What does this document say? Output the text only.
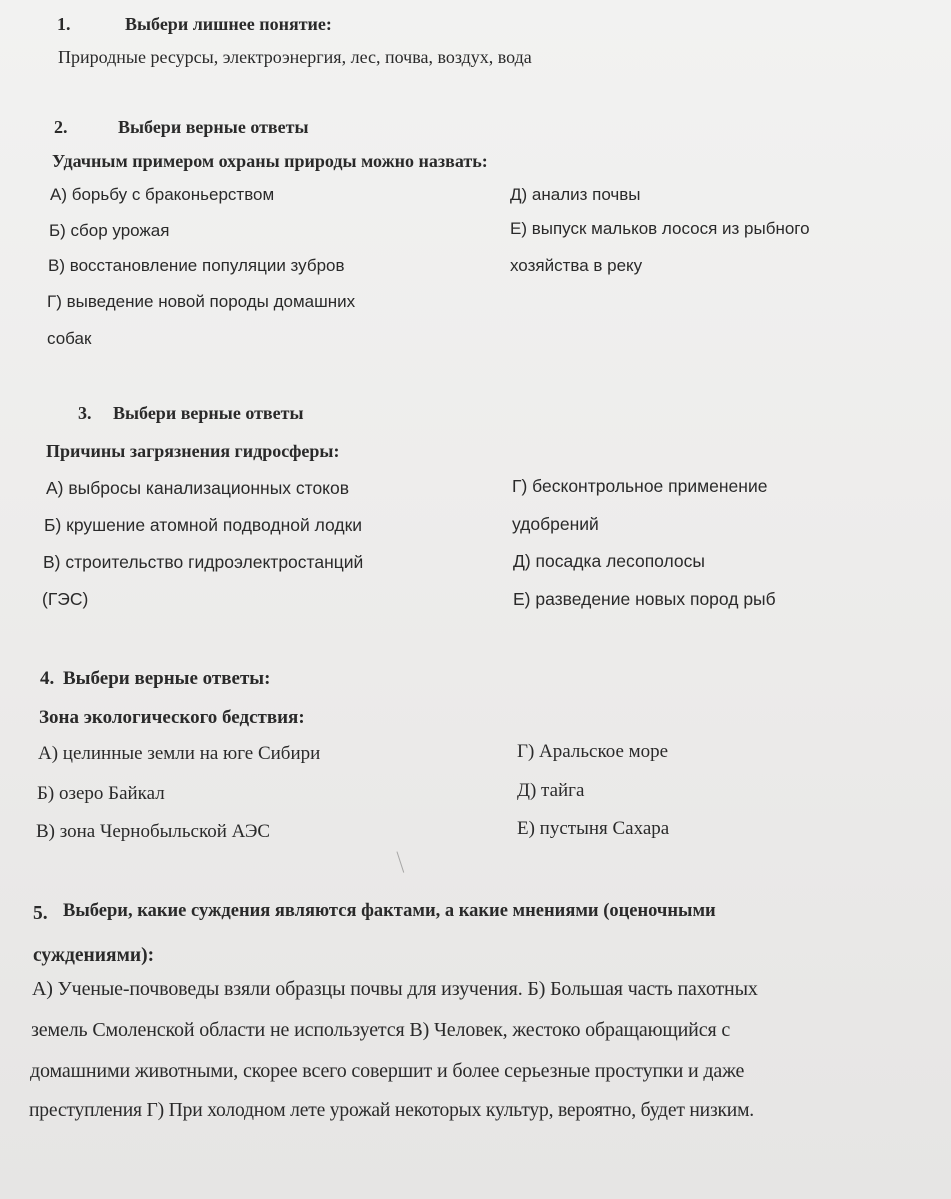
1.	Выбери лишнее понятие:
Природные ресурсы, электроэнергия, лес, почва, воздух, вода
2.	Выбери верные ответы
Удачным примером охраны природы можно назвать:
А) борьбу с браконьерством
Б) сбор урожая
В) восстановление популяции зубров
Г) выведение новой породы домашних
собак
Д) анализ почвы
Е) выпуск мальков лосося из рыбного
хозяйства в реку
3. Выбери верные ответы
Причины загрязнения гидросферы:
А) выбросы канализационных стоков
Б) крушение атомной подводной лодки
В) строительство гидроэлектростанций
(ГЭС)
Г) бесконтрольное применение
удобрений
Д) посадка лесополосы
Е) разведение новых пород рыб
4. Выбери верные ответы:
Зона экологического бедствия:
А) целинные земли на юге Сибири
Б) озеро Байкал
В) зона Чернобыльской АЭС
Г) Аральское море
Д) тайга
Е) пустыня Сахара
5. Выбери, какие суждения являются фактами, а какие мнениями (оценочными
суждениями):
А) Ученые-почвоведы взяли образцы почвы для изучения. Б) Большая часть пахотных
земель Смоленской области не используется В) Человек, жестоко обращающийся с
домашними животными, скорее всего совершит и более серьезные проступки и даже
преступления Г) При холодном лете урожай некоторых культур, вероятно, будет низким.
